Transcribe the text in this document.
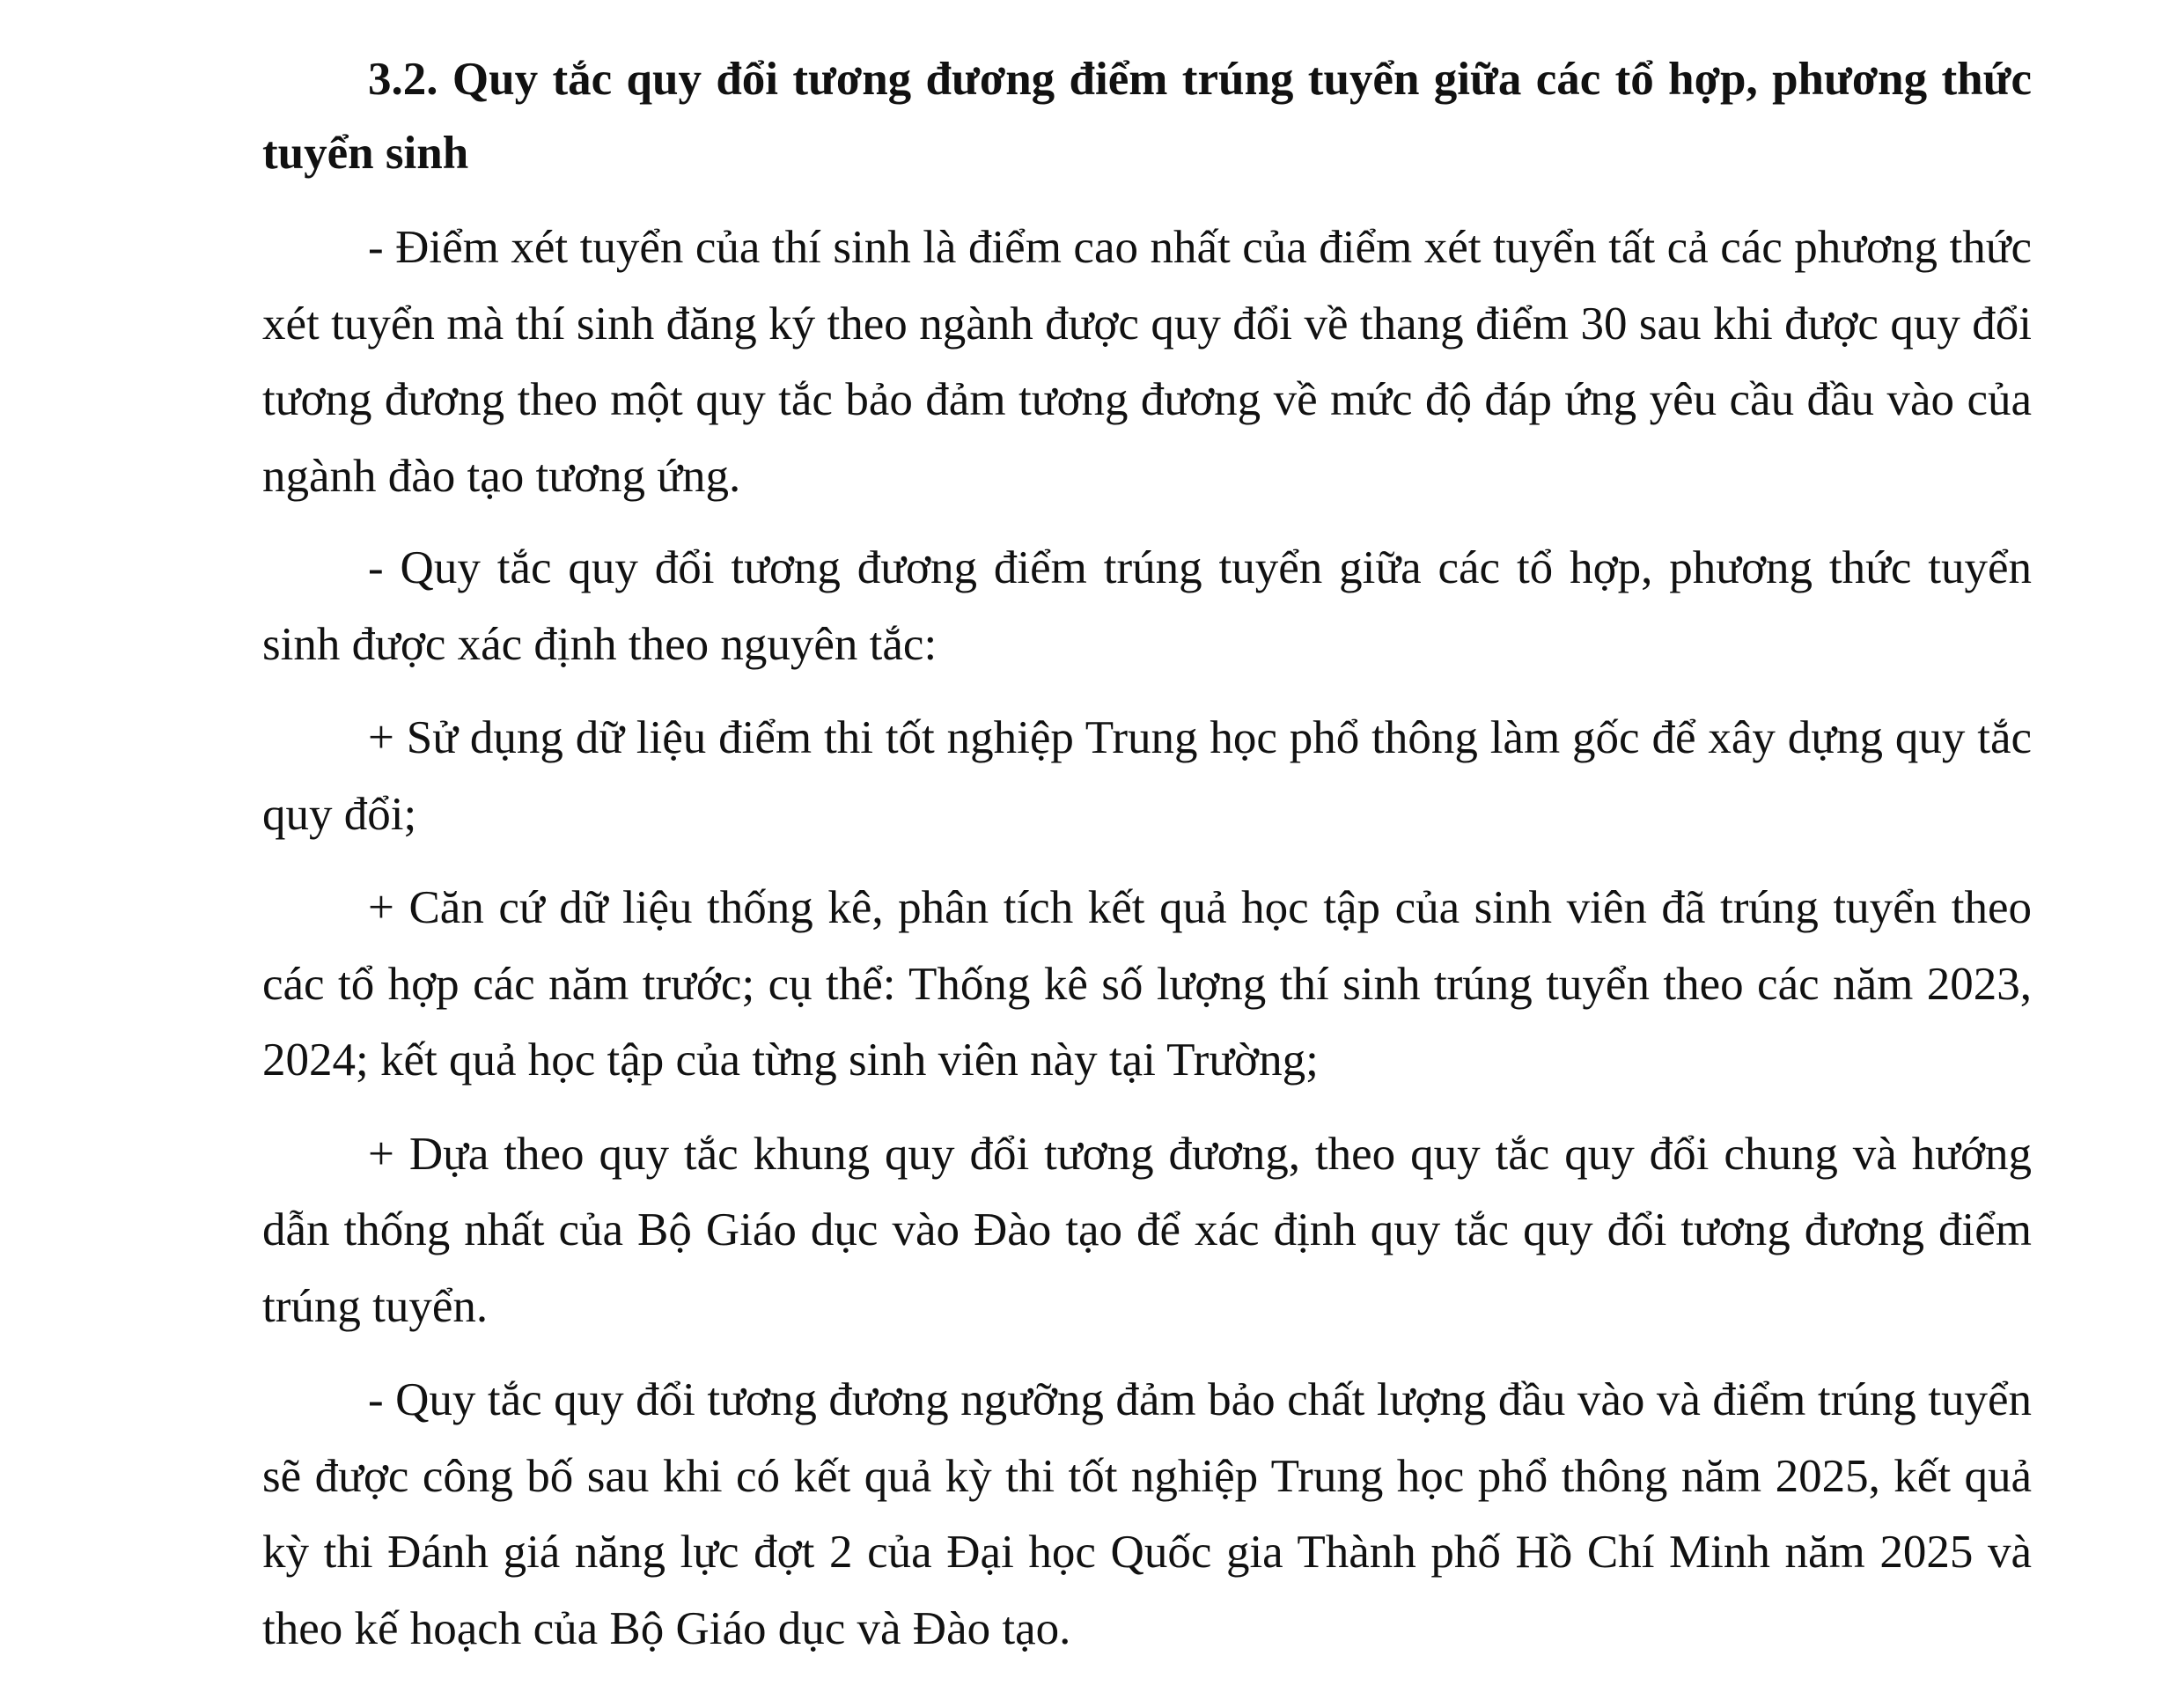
3.2. Quy tắc quy đổi tương đương điểm trúng tuyển giữa các tổ hợp, phương thức tuyển sinh

- Điểm xét tuyển của thí sinh là điểm cao nhất của điểm xét tuyển tất cả các phương thức xét tuyển mà thí sinh đăng ký theo ngành được quy đổi về thang điểm 30 sau khi được quy đổi tương đương theo một quy tắc bảo đảm tương đương về mức độ đáp ứng yêu cầu đầu vào của ngành đào tạo tương ứng.

- Quy tắc quy đổi tương đương điểm trúng tuyển giữa các tổ hợp, phương thức tuyển sinh được xác định theo nguyên tắc:

+ Sử dụng dữ liệu điểm thi tốt nghiệp Trung học phổ thông làm gốc để xây dựng quy tắc quy đổi;

+ Căn cứ dữ liệu thống kê, phân tích kết quả học tập của sinh viên đã trúng tuyển theo các tổ hợp các năm trước; cụ thể: Thống kê số lượng thí sinh trúng tuyển theo các năm 2023, 2024; kết quả học tập của từng sinh viên này tại Trường;

+ Dựa theo quy tắc khung quy đổi tương đương, theo quy tắc quy đổi chung và hướng dẫn thống nhất của Bộ Giáo dục vào Đào tạo để xác định quy tắc quy đổi tương đương điểm trúng tuyển.

- Quy tắc quy đổi tương đương ngưỡng đảm bảo chất lượng đầu vào và điểm trúng tuyển sẽ được công bố sau khi có kết quả kỳ thi tốt nghiệp Trung học phổ thông năm 2025, kết quả kỳ thi Đánh giá năng lực đợt 2 của Đại học Quốc gia Thành phố Hồ Chí Minh năm 2025 và theo kế hoạch của Bộ Giáo dục và Đào tạo.
